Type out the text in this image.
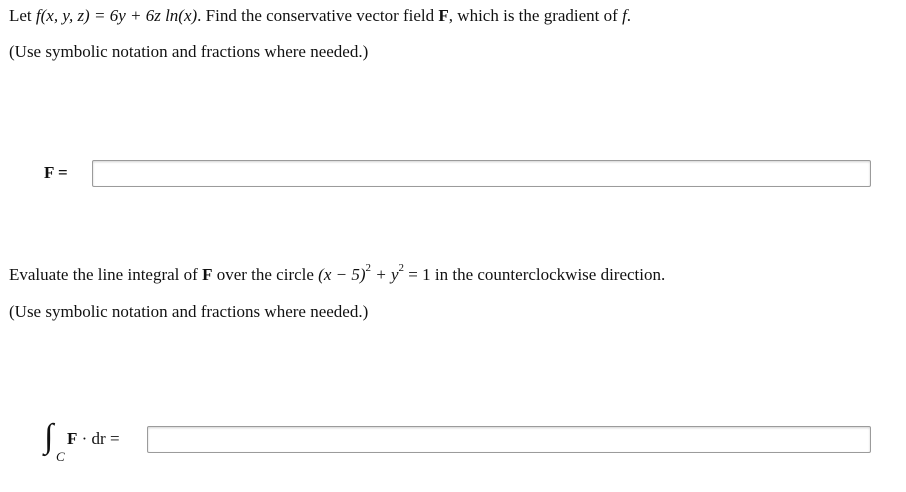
Let f(x, y, z) = 6y + 6z ln(x). Find the conservative vector field F, which is the gradient of f.
(Use symbolic notation and fractions where needed.)
F =
Evaluate the line integral of F over the circle $(x - 5)^2 + y^2 = 1$ in the counterclockwise direction.
(Use symbolic notation and fractions where needed.)
∫
C
F · dr =
